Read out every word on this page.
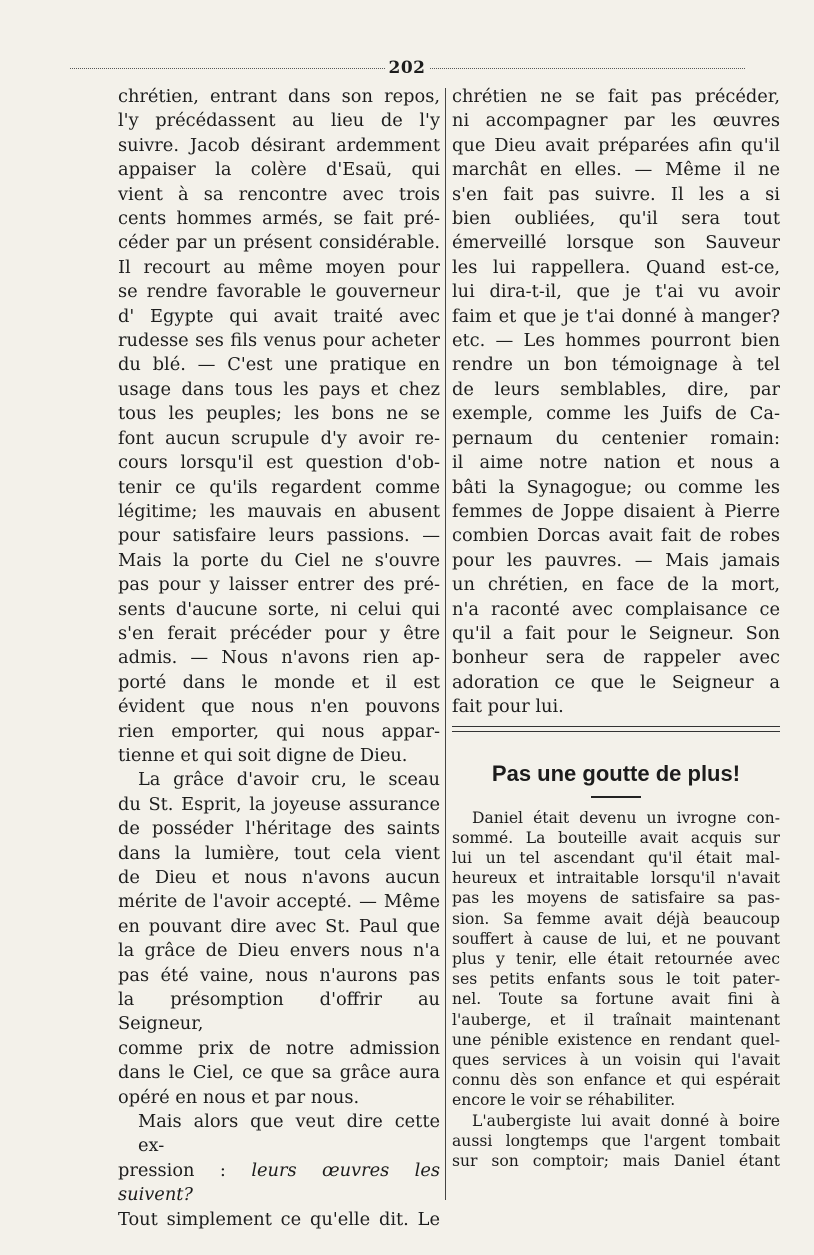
202
chrétien, entrant dans son repos,
l'y précédassent au lieu de l'y
suivre. Jacob désirant ardemment
appaiser la colère d'Esaü, qui
vient à sa rencontre avec trois
cents hommes armés, se fait pré-
céder par un présent considérable.
Il recourt au même moyen pour
se rendre favorable le gouverneur
d' Egypte qui avait traité avec
rudesse ses fils venus pour acheter
du blé. — C'est une pratique en
usage dans tous les pays et chez
tous les peuples; les bons ne se
font aucun scrupule d'y avoir re-
cours lorsqu'il est question d'ob-
tenir ce qu'ils regardent comme
légitime; les mauvais en abusent
pour satisfaire leurs passions. —
Mais la porte du Ciel ne s'ouvre
pas pour y laisser entrer des pré-
sents d'aucune sorte, ni celui qui
s'en ferait précéder pour y être
admis. — Nous n'avons rien ap-
porté dans le monde et il est
évident que nous n'en pouvons
rien emporter, qui nous appar-
tienne et qui soit digne de Dieu.
La grâce d'avoir cru, le sceau
du St. Esprit, la joyeuse assurance
de posséder l'héritage des saints
dans la lumière, tout cela vient
de Dieu et nous n'avons aucun
mérite de l'avoir accepté. — Même
en pouvant dire avec St. Paul que
la grâce de Dieu envers nous n'a
pas été vaine, nous n'aurons pas
la présomption d'offrir au Seigneur,
comme prix de notre admission
dans le Ciel, ce que sa grâce aura
opéré en nous et par nous.
Mais alors que veut dire cette ex-
pression : leurs œuvres les suivent?
Tout simplement ce qu'elle dit. Le
chrétien ne se fait pas précéder,
ni accompagner par les œuvres
que Dieu avait préparées afin qu'il
marchât en elles. — Même il ne
s'en fait pas suivre. Il les a si
bien oubliées, qu'il sera tout
émerveillé lorsque son Sauveur
les lui rappellera. Quand est-ce,
lui dira-t-il, que je t'ai vu avoir
faim et que je t'ai donné à manger?
etc. — Les hommes pourront bien
rendre un bon témoignage à tel
de leurs semblables, dire, par
exemple, comme les Juifs de Ca-
pernaum du centenier romain:
il aime notre nation et nous a
bâti la Synagogue; ou comme les
femmes de Joppe disaient à Pierre
combien Dorcas avait fait de robes
pour les pauvres. — Mais jamais
un chrétien, en face de la mort,
n'a raconté avec complaisance ce
qu'il a fait pour le Seigneur. Son
bonheur sera de rappeler avec
adoration ce que le Seigneur a
fait pour lui.
Pas une goutte de plus!
Daniel était devenu un ivrogne con-
sommé. La bouteille avait acquis sur
lui un tel ascendant qu'il était mal-
heureux et intraitable lorsqu'il n'avait
pas les moyens de satisfaire sa pas-
sion. Sa femme avait déjà beaucoup
souffert à cause de lui, et ne pouvant
plus y tenir, elle était retournée avec
ses petits enfants sous le toit pater-
nel. Toute sa fortune avait fini à
l'auberge, et il traînait maintenant
une pénible existence en rendant quel-
ques services à un voisin qui l'avait
connu dès son enfance et qui espérait
encore le voir se réhabiliter.
L'aubergiste lui avait donné à boire
aussi longtemps que l'argent tombait
sur son comptoir; mais Daniel étant
